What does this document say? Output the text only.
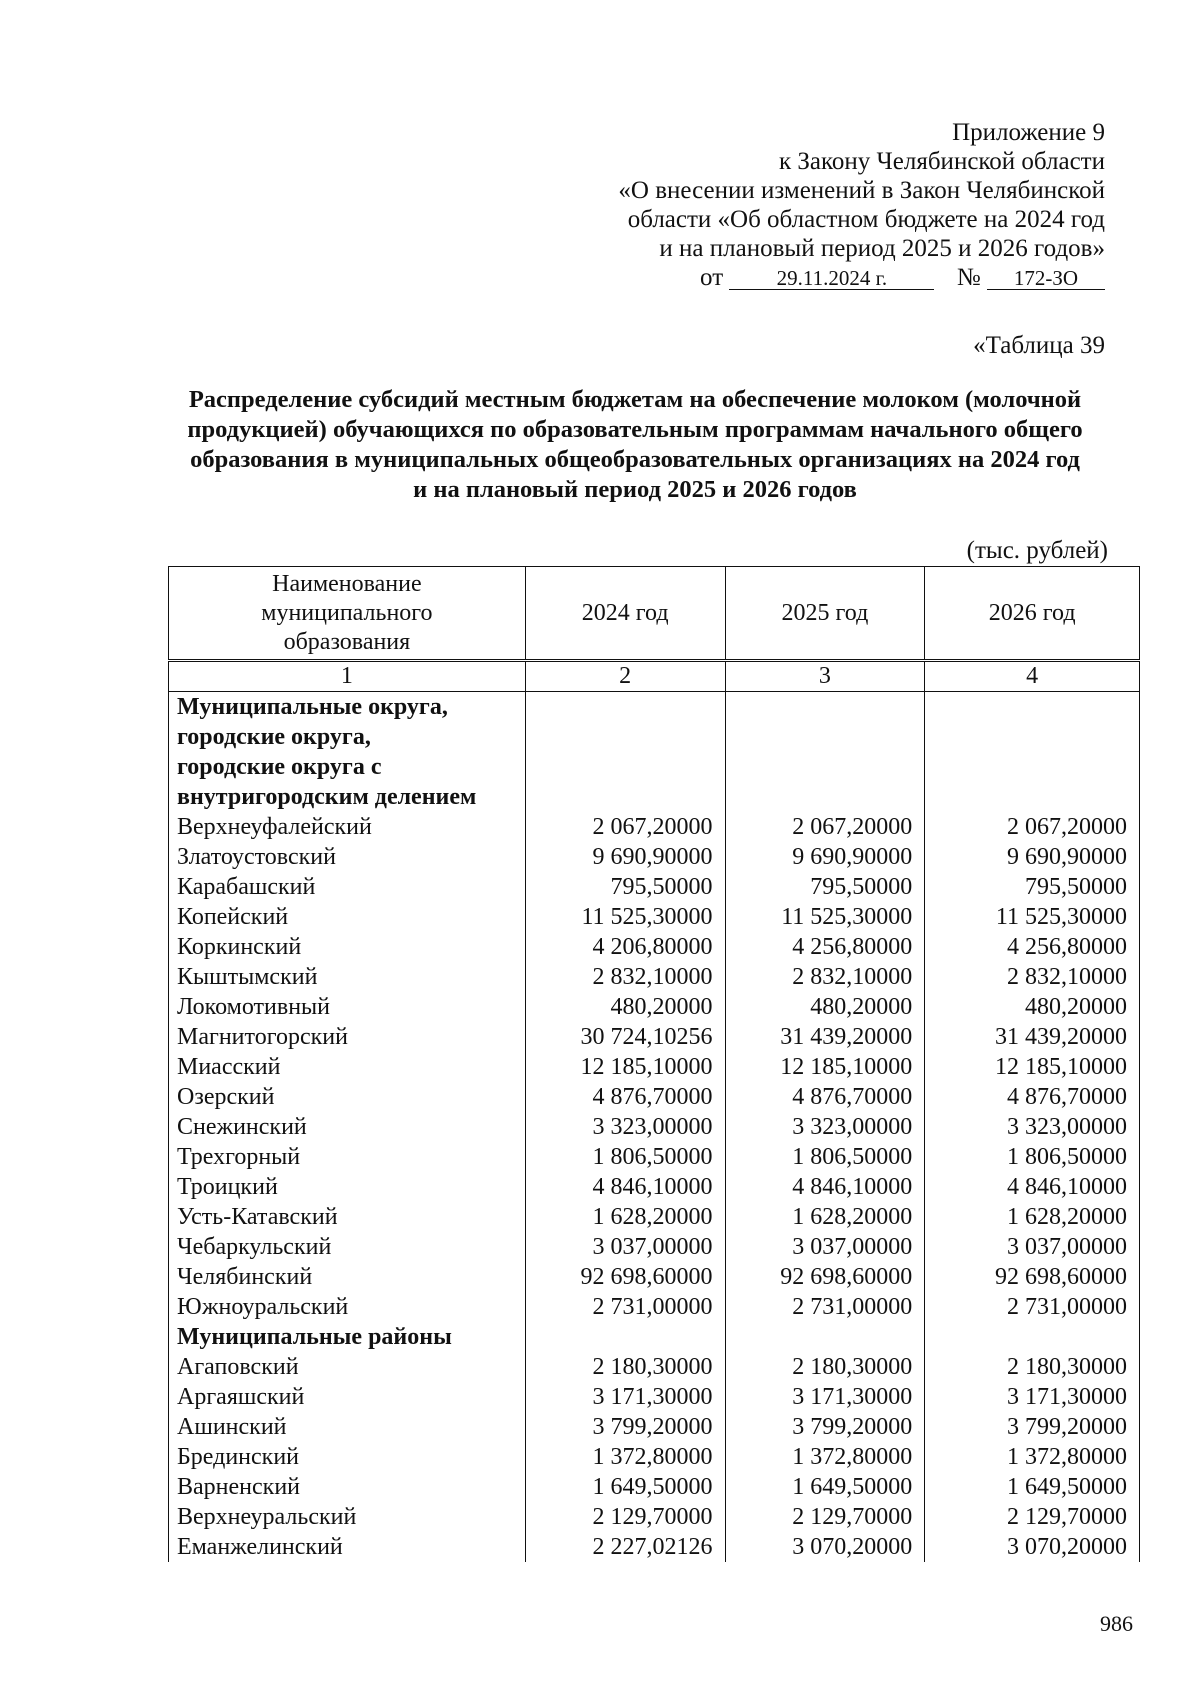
Приложение 9
к Закону Челябинской области
«О внесении изменений в Закон Челябинской
области «Об областном бюджете на 2024 год
и на плановый период 2025 и 2026 годов»
от	29.11.2024 г.	№ 172-ЗО
«Таблица 39
Распределение субсидий местным бюджетам на обеспечение молоком (молочной
продукцией) обучающихся по образовательным программам начального общего
образования в муниципальных общеобразовательных организациях на 2024 год
и на плановый период 2025 и 2026 годов
(тыс. рублей)
Наименование
муниципального
образования	2024 год	2025 год	2026 год
1	2	3	4
Муниципальные округа,			
городские округа,			
городские округа с			
внутригородским делением			
Верхнеуфалейский	2 067,20000	2 067,20000	2 067,20000
Златоустовский	9 690,90000	9 690,90000	9 690,90000
Карабашский	795,50000	795,50000	795,50000
Копейский	11 525,30000	11 525,30000	11 525,30000
Коркинский	4 206,80000	4 256,80000	4 256,80000
Кыштымский	2 832,10000	2 832,10000	2 832,10000
Локомотивный	480,20000	480,20000	480,20000
Магнитогорский	30 724,10256	31 439,20000	31 439,20000
Миасский	12 185,10000	12 185,10000	12 185,10000
Озерский	4 876,70000	4 876,70000	4 876,70000
Снежинский	3 323,00000	3 323,00000	3 323,00000
Трехгорный	1 806,50000	1 806,50000	1 806,50000
Троицкий	4 846,10000	4 846,10000	4 846,10000
Усть-Катавский	1 628,20000	1 628,20000	1 628,20000
Чебаркульский	3 037,00000	3 037,00000	3 037,00000
Челябинский	92 698,60000	92 698,60000	92 698,60000
Южноуральский	2 731,00000	2 731,00000	2 731,00000
Муниципальные районы			
Агаповский	2 180,30000	2 180,30000	2 180,30000
Аргаяшский	3 171,30000	3 171,30000	3 171,30000
Ашинский	3 799,20000	3 799,20000	3 799,20000
Брединский	1 372,80000	1 372,80000	1 372,80000
Варненский	1 649,50000	1 649,50000	1 649,50000
Верхнеуральский	2 129,70000	2 129,70000	2 129,70000
Еманжелинский	2 227,02126	3 070,20000	3 070,20000
986
